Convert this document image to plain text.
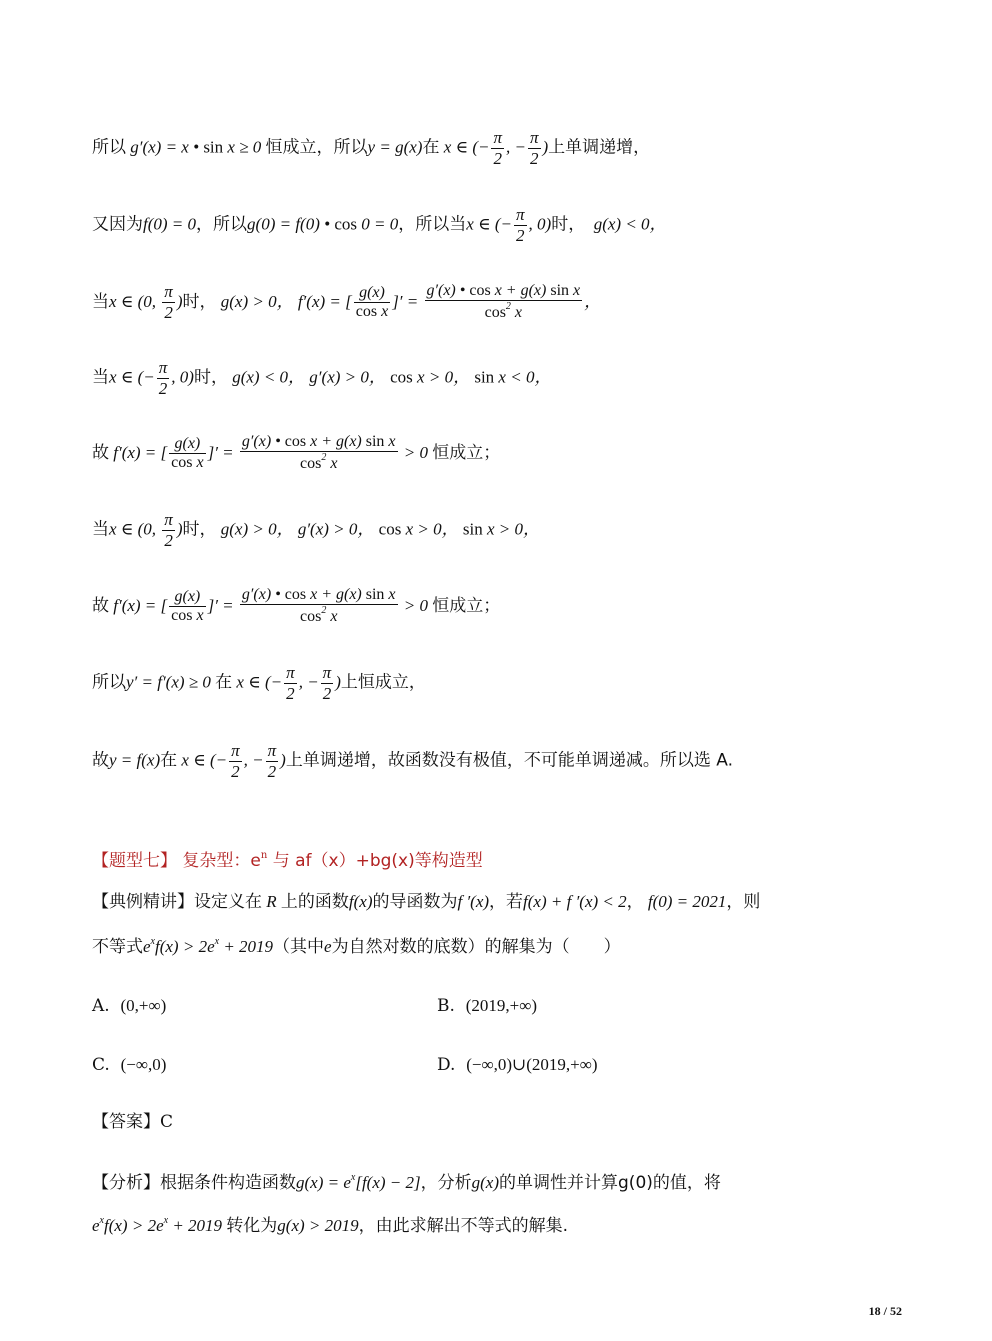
所以 g′(x) = x • sin x ≥ 0 恒成立，所以y = g(x)在 x ∈ (− $\frac{\pi}{2}$ , − $\frac{\pi}{2}$ )上单调递增，
又因为f(0) = 0，所以g(0) = f(0) • cos 0 = 0，所以当x ∈ (− $\frac{\pi}{2}$ , 0)时，  g(x) < 0，
当x ∈ (0, $\frac{\pi}{2}$ )时， g(x) > 0， f′(x) = [ $\frac{g(x)}{\text{cos x}}$ ]′ = $\frac{\text{g′(x) • cos x + g(x) sin x}}{\cos^2 x}$ ，
当x ∈ (− $\frac{\pi}{2}$ , 0)时， g(x) < 0， g′(x) > 0， cos x > 0， sin x < 0，
故 f′(x) = [ $\frac{g(x)}{\text{cos x}}$ ]′ = $\frac{\text{g′(x) • cos x + g(x) sin x}}{\cos^2 x} > 0$ 恒成立；
当x ∈ (0, $\frac{\pi}{2}$ )时， g(x) > 0， g′(x) > 0， cos x > 0， sin x > 0，
故 f′(x) = [ $\frac{g(x)}{\text{cos x}}$ ]′ = $\frac{\text{g′(x) • cos x + g(x) sin x}}{\cos^2 x} > 0$ 恒成立；
所以y′ = f′(x) ≥ 0 在 x ∈ (− $\frac{\pi}{2}$ , − $\frac{\pi}{2}$ )上恒成立，
故y = f(x)在 x ∈ (− $\frac{\pi}{2}$ , − $\frac{\pi}{2}$ )上单调递增，故函数没有极值，不可能单调递减。所以选 A.
【题型七】 复杂型：$e^n$ 与 af（x）+bg(x)等构造型
【典例精讲】设定义在 R 上的函数f(x)的导函数为f ′(x)，若f(x) + f ′(x) < 2， f(0) = 2021，则
不等式$e^xf(x) > 2e^x + 2019$（其中e为自然对数的底数）的解集为（　　）
A. (0,+∞)	B. (2019,+∞)
C. (−∞,0)	D. (−∞,0)∪(2019,+∞)
【答案】C
【分析】根据条件构造函数$g(x) = e^x[f(x) - 2]$，分析g(x)的单调性并计算g(0)的值，将
$e^xf(x) > 2e^x + 2019$ 转化为g(x) > 2019，由此求解出不等式的解集.
18 / 52
